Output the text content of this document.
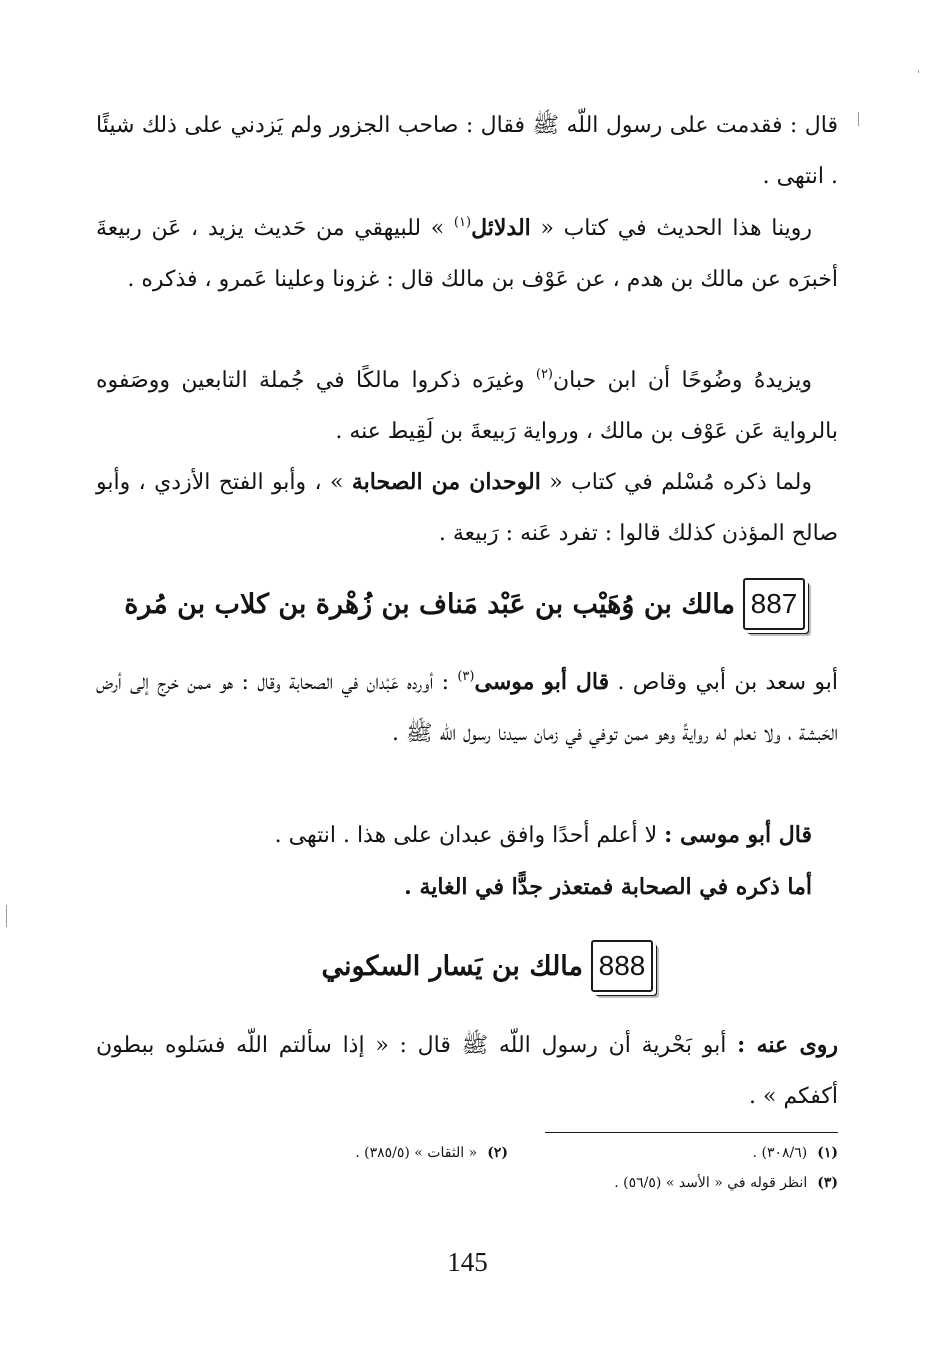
قال : فقدمت على رسول اللّه ﷺ فقال : صاحب الجزور ولم يَزدني على ذلك شيئًا . انتهى .

روينا هذا الحديث في كتاب « الدلائل$^{(١)}$ » للبيهقي من حَديث يزيد ، عَن ربيعةَ أخبرَه عن مالك بن هدم ، عن عَوْف بن مالك قال : غزونا وعلينا عَمرو ، فذكره .

ويزيدهُ وضُوحًا أن ابن حبان$^{(٢)}$ وغيرَه ذكروا مالكًا في جُملة التابعين ووصَفوه بالرواية عَن عَوْف بن مالك ، ورواية رَبيعةَ بن لَقِيط عنه .

ولما ذكره مُسْلم في كتاب « الوحدان من الصحابة » ، وأبو الفتح الأزدي ، وأبو صالح المؤذن كذلك قالوا : تفرد عَنه : رَبيعة .

887
مالك بن وُهَيْب بن عَبْد مَناف بن زُهْرة بن كلاب بن مُرة

أبو سعد بن أبي وقاص . قال أبو موسى$^{(٣)}$ : أورده عَبْدان في الصحابة وقال : هو ممن خرج إلى أرض الحَبشة ، ولا نعلم له روايةً وهو ممن توفي في زمان سيدنا رسول اللّه ﷺ .

قال أبو موسى : لا أعلم أحدًا وافق عبدان على هذا . انتهى .

أما ذكره في الصحابة فمتعذر جدًّا في الغاية .

888
مالك بن يَسار السكوني

روى عنه : أبو بَحْرية أن رسول اللّه ﷺ قال : « إذا سألتم اللّه فسَلوه ببطون أكفكم » .

(١)(٣٠٨/٦) .
(٢)« الثقات » (٣٨٥/٥) .
(٣)انظر قوله في « الأسد » (٥٦/٥) .
145
